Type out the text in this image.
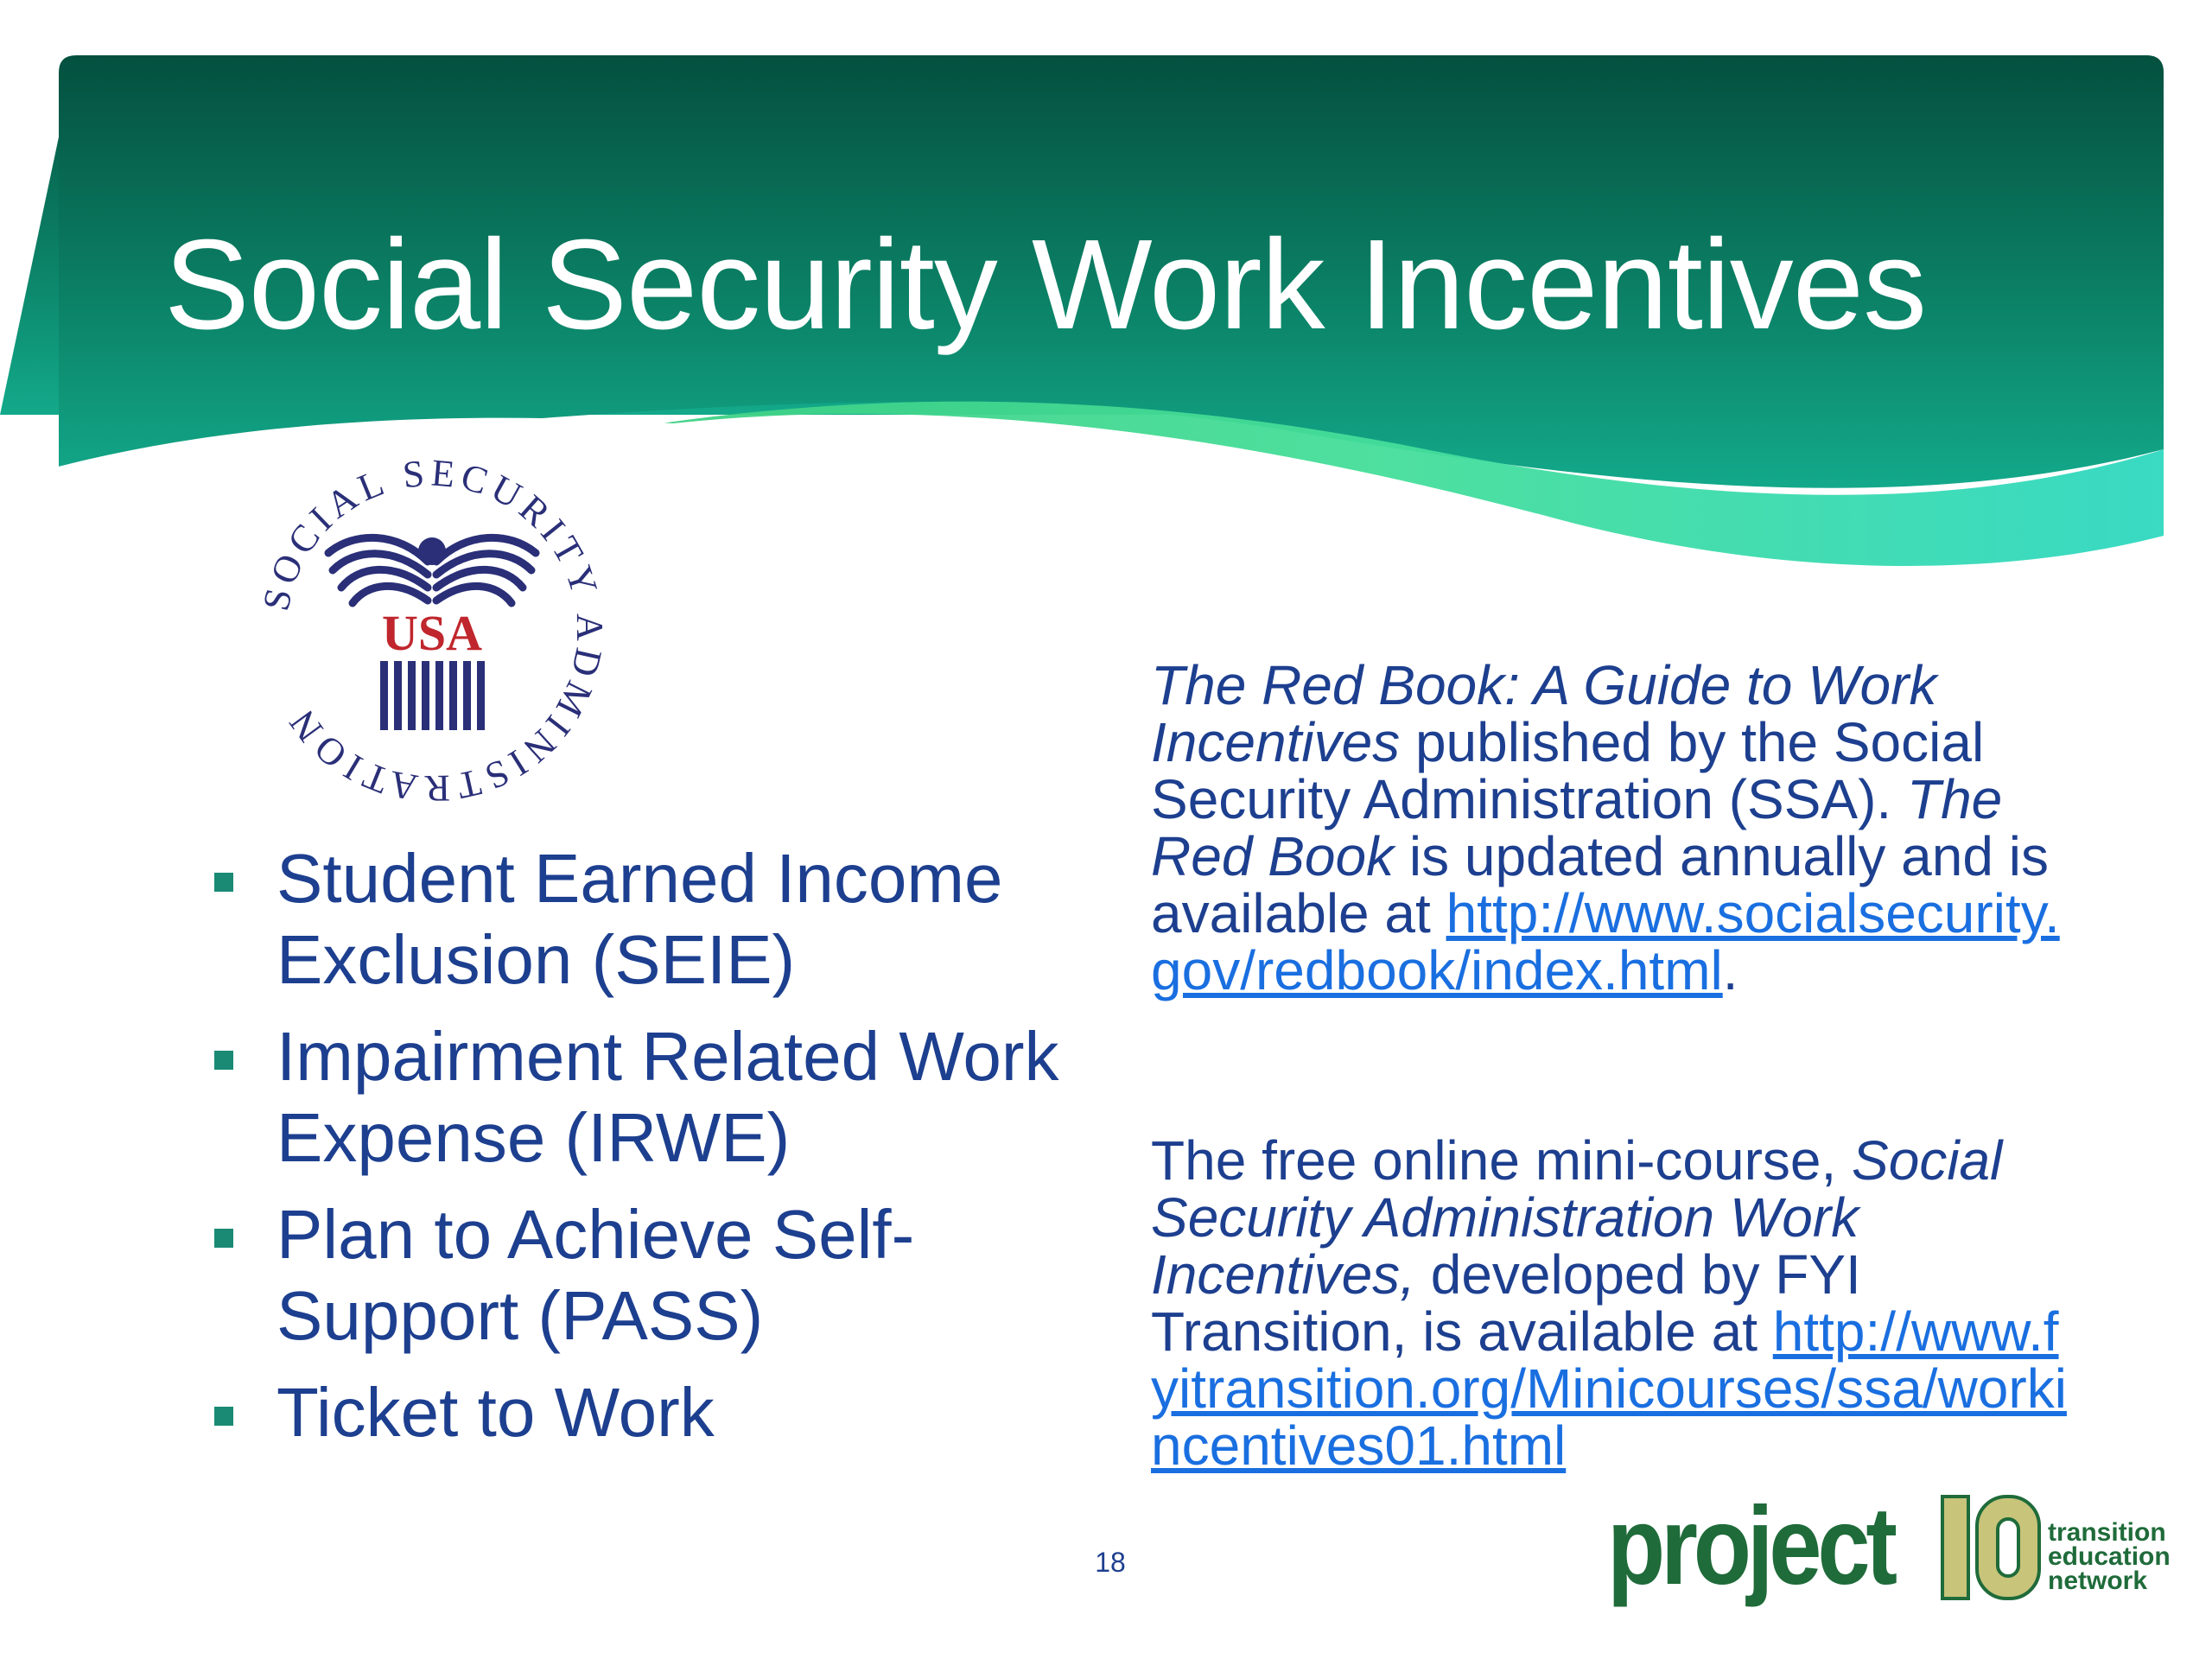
Social Security Work Incentives
SOCIAL SECURITY ADMINISTRATION
USA
Student Earned Income Exclusion (SEIE)
Impairment Related Work Expense (IRWE)
Plan to Achieve Self-Support (PASS)
Ticket to Work

The Red Book: A Guide to Work Incentives published by the Social Security Administration (SSA). The Red Book is updated annually and is available at http://www.socialsecurity.gov/redbook/index.html.

The free online mini-course, Social Security Administration Work Incentives, developed by FYI Transition, is available at http://www.fyitransition.org/Minicourses/ssa/workincentives01.html

18	project	10
transition
education
network
